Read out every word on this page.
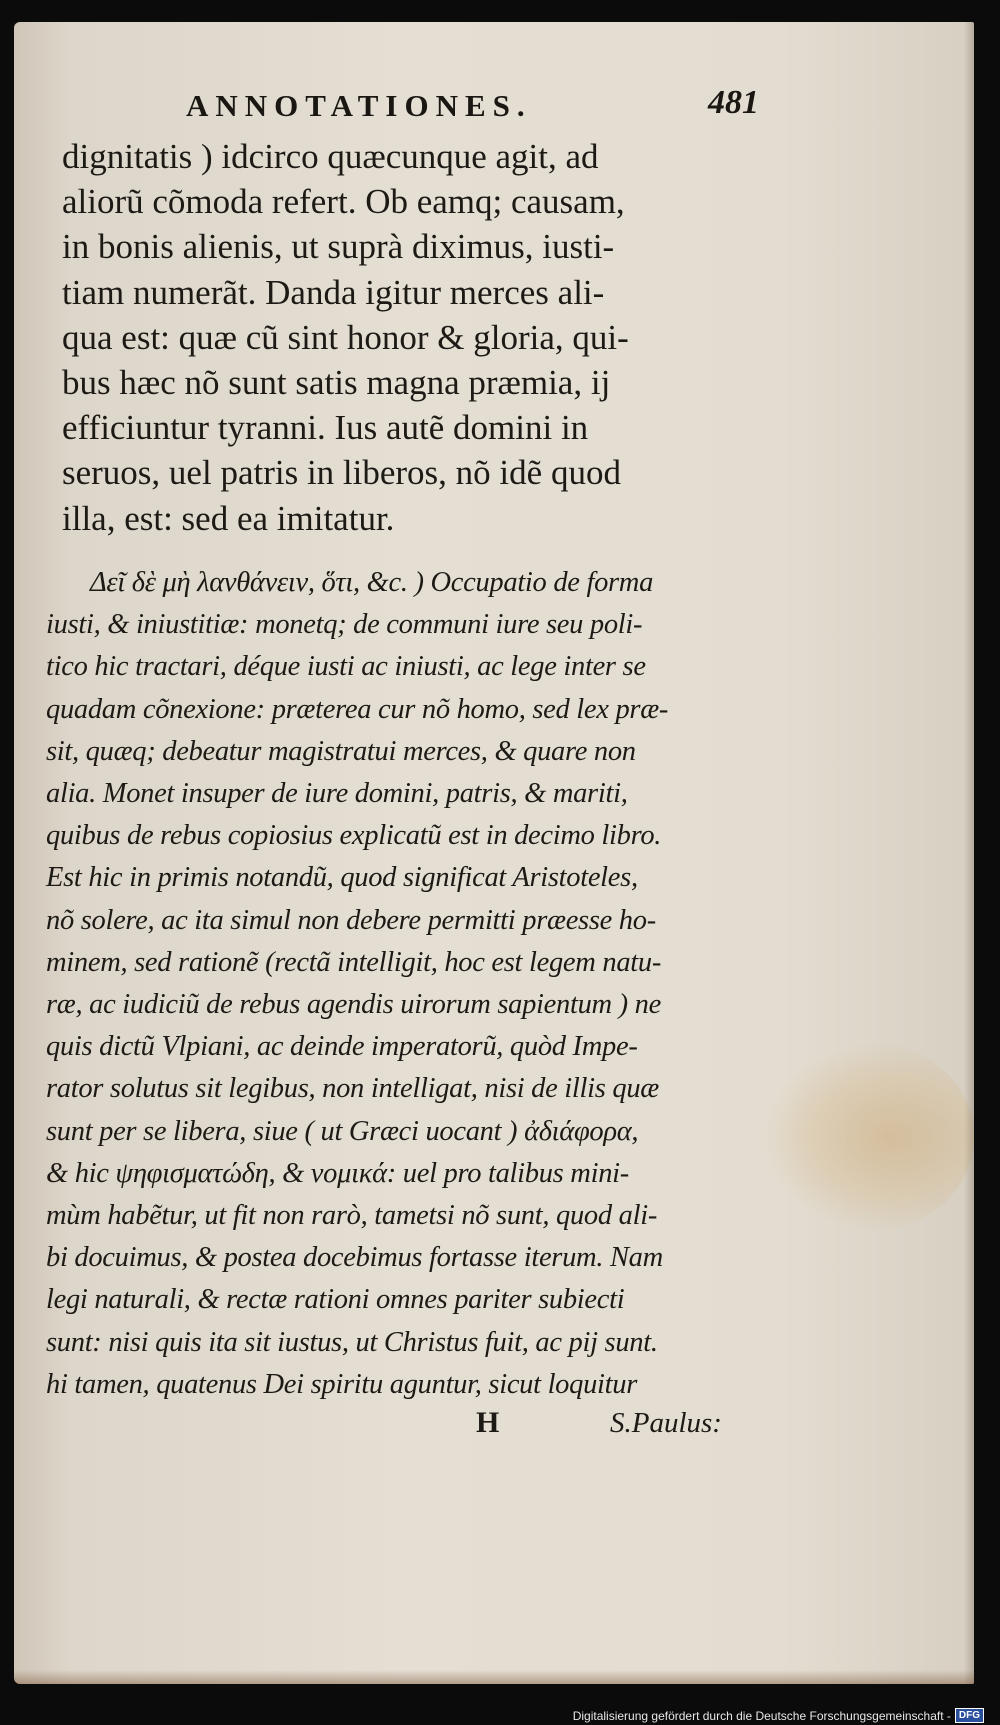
ANNOTATIONES.	481
dignitatis ) idcirco quæcunque agit, ad
aliorũ cõmoda refert. Ob eamq; causam,
in bonis alienis, ut suprà diximus, iusti-
tiam numerãt. Danda igitur merces ali-
qua est: quæ cũ sint honor & gloria, qui-
bus hæc nõ sunt satis magna præmia, ij
efficiuntur tyranni. Ius autẽ domini in
seruos, uel patris in liberos, nõ idẽ quod
illa, est: sed ea imitatur.
Δεῖ δὲ μὴ λανθάνειν, ὅτι, &c. ) Occupatio de forma
iusti, & iniustitiæ: monetq; de communi iure seu poli-
tico hic tractari, déque iusti ac iniusti, ac lege inter se
quadam cõnexione: præterea cur nõ homo, sed lex præ-
sit, quæq; debeatur magistratui merces, & quare non
alia. Monet insuper de iure domini, patris, & mariti,
quibus de rebus copiosius explicatũ est in decimo libro.
Est hic in primis notandũ, quod significat Aristoteles,
nõ solere, ac ita simul non debere permitti præesse ho-
minem, sed rationẽ (rectã intelligit, hoc est legem natu-
ræ, ac iudiciũ de rebus agendis uirorum sapientum ) ne
quis dictũ Vlpiani, ac deinde imperatorũ, quòd Impe-
rator solutus sit legibus, non intelligat, nisi de illis quæ
sunt per se libera, siue ( ut Græci uocant ) ἀδιάφορα,
& hic ψηφισματώδη, & νομικά: uel pro talibus mini-
mùm habẽtur, ut fit non rarò, tametsi nõ sunt, quod ali-
bi docuimus, & postea docebimus fortasse iterum. Nam
legi naturali, & rectæ rationi omnes pariter subiecti
sunt: nisi quis ita sit iustus, ut Christus fuit, ac pij sunt.
hi tamen, quatenus Dei spiritu aguntur, sicut loquitur
H	S.Paulus:
Digitalisierung gefördert durch die Deutsche Forschungsgemeinschaft - DFG
